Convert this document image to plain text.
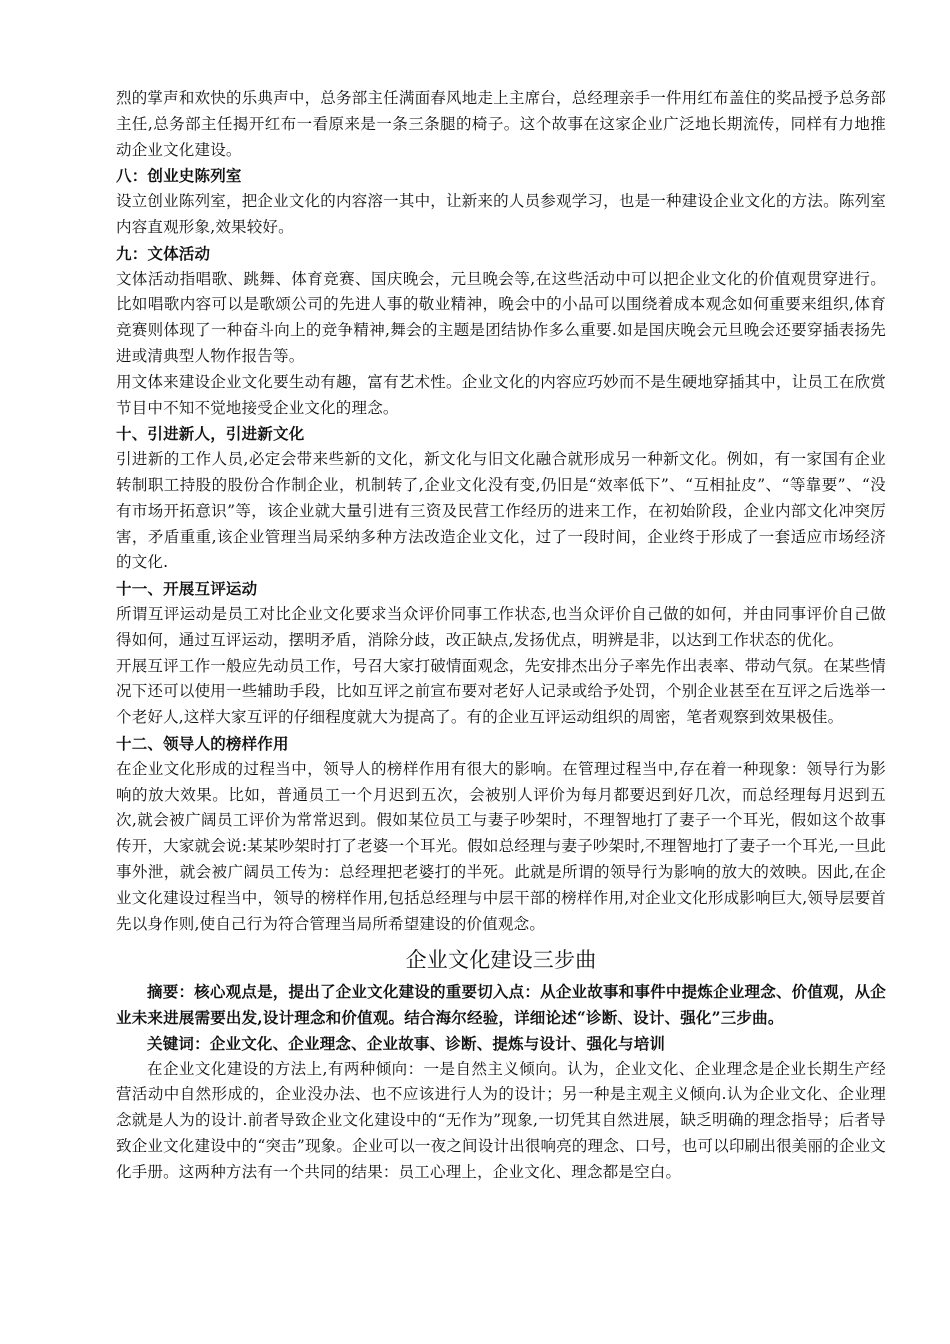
烈的掌声和欢快的乐典声中，总务部主任满面春风地走上主席台，总经理亲手一件用红布盖住的奖品授予总务部主任,总务部主任揭开红布一看原来是一条三条腿的椅子。这个故事在这家企业广泛地长期流传，同样有力地推动企业文化建设。

八：创业史陈列室

设立创业陈列室，把企业文化的内容溶一其中，让新来的人员参观学习，也是一种建设企业文化的方法。陈列室内容直观形象,效果较好。

九：文体活动

文体活动指唱歌、跳舞、体育竞赛、国庆晚会，元旦晚会等,在这些活动中可以把企业文化的价值观贯穿进行。比如唱歌内容可以是歌颂公司的先进人事的敬业精神，晚会中的小品可以围绕着成本观念如何重要来组织,体育竞赛则体现了一种奋斗向上的竞争精神,舞会的主题是团结协作多么重要.如是国庆晚会元旦晚会还要穿插表扬先进或清典型人物作报告等。

用文体来建设企业文化要生动有趣，富有艺术性。企业文化的内容应巧妙而不是生硬地穿插其中，让员工在欣赏节目中不知不觉地接受企业文化的理念。

十、引进新人，引进新文化

引进新的工作人员,必定会带来些新的文化，新文化与旧文化融合就形成另一种新文化。例如，有一家国有企业转制职工持股的股份合作制企业，机制转了,企业文化没有变,仍旧是“效率低下”、“互相扯皮”、“等靠要”、“没有市场开拓意识”等，该企业就大量引进有三资及民营工作经历的进来工作，在初始阶段，企业内部文化冲突厉害，矛盾重重,该企业管理当局采纳多种方法改造企业文化，过了一段时间，企业终于形成了一套适应市场经济的文化.

十一、开展互评运动

所谓互评运动是员工对比企业文化要求当众评价同事工作状态,也当众评价自己做的如何，并由同事评价自己做得如何，通过互评运动，摆明矛盾，消除分歧，改正缺点,发扬优点，明辨是非，以达到工作状态的优化。

开展互评工作一般应先动员工作，号召大家打破情面观念，先安排杰出分子率先作出表率、带动气氛。在某些情况下还可以使用一些辅助手段，比如互评之前宣布要对老好人记录或给予处罚，个别企业甚至在互评之后选举一个老好人,这样大家互评的仔细程度就大为提高了。有的企业互评运动组织的周密，笔者观察到效果极佳。

十二、领导人的榜样作用

在企业文化形成的过程当中，领导人的榜样作用有很大的影响。在管理过程当中,存在着一种现象：领导行为影响的放大效果。比如，普通员工一个月迟到五次，会被别人评价为每月都要迟到好几次，而总经理每月迟到五次,就会被广阔员工评价为常常迟到。假如某位员工与妻子吵架时，不理智地打了妻子一个耳光，假如这个故事传开，大家就会说:某某吵架时打了老婆一个耳光。假如总经理与妻子吵架时,不理智地打了妻子一个耳光,一旦此事外泄，就会被广阔员工传为：总经理把老婆打的半死。此就是所谓的领导行为影响的放大的效映。因此,在企业文化建设过程当中，领导的榜样作用,包括总经理与中层干部的榜样作用,对企业文化形成影响巨大,领导层要首先以身作则,使自己行为符合管理当局所希望建设的价值观念。

企业文化建设三步曲

摘要：核心观点是，提出了企业文化建设的重要切入点：从企业故事和事件中提炼企业理念、价值观，从企业未来进展需要出发,设计理念和价值观。结合海尔经验，详细论述“诊断、设计、强化”三步曲。

关键词：企业文化、企业理念、企业故事、诊断、提炼与设计、强化与培训

在企业文化建设的方法上,有两种倾向：一是自然主义倾向。认为，企业文化、企业理念是企业长期生产经营活动中自然形成的，企业没办法、也不应该进行人为的设计；另一种是主观主义倾向.认为企业文化、企业理念就是人为的设计.前者导致企业文化建设中的“无作为”现象,一切凭其自然进展，缺乏明确的理念指导；后者导致企业文化建设中的“突击”现象。企业可以一夜之间设计出很响亮的理念、口号，也可以印刷出很美丽的企业文化手册。这两种方法有一个共同的结果：员工心理上，企业文化、理念都是空白。
